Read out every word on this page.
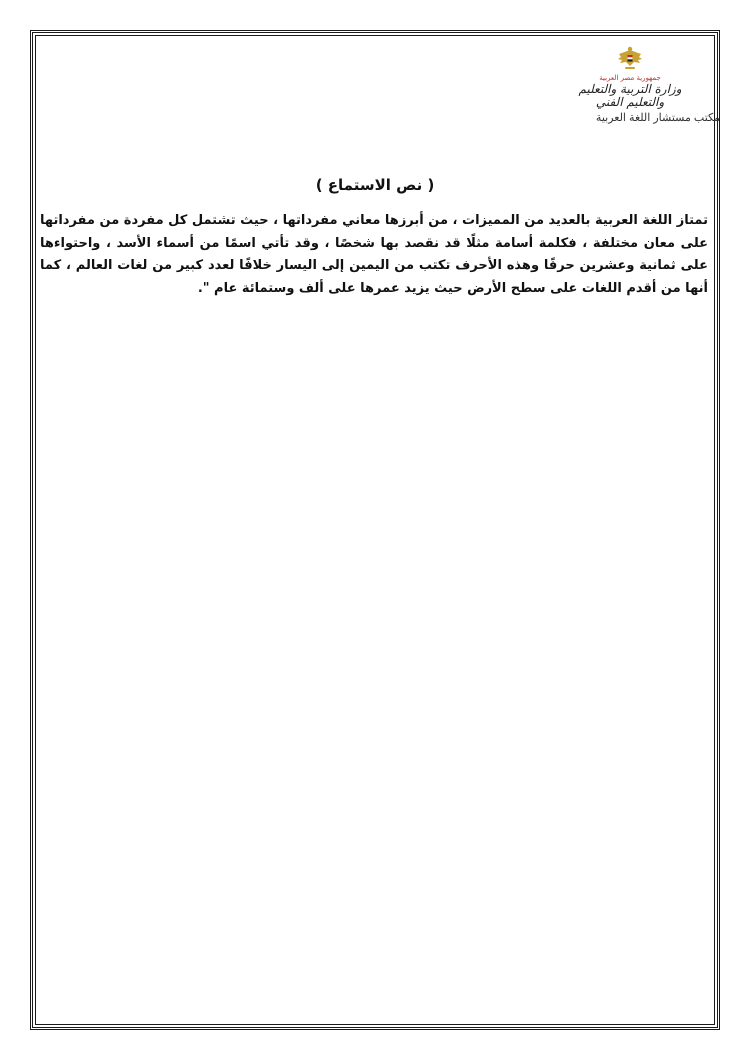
جمهورية مصر العربية
وزارة التربية والتعليم
والتعليم الفني
مكتب مستشار اللغة العربية
( نص الاستماع )
تمتاز اللغة العربية بالعديد من المميزات ، من أبرزها معاني مفرداتها ، حيث تشتمل كل مفردة من مفرداتها على معان مختلفة ، فكلمة أسامة مثلًا قد نقصد بها شخصًا ، وقد تأتي اسمًا من أسماء الأسد ، واحتواءها على ثمانية وعشرين حرفًا وهذه الأحرف تكتب من اليمين إلى اليسار خلافًا لعدد كبير من لغات العالم ، كما أنها من أقدم اللغات على سطح الأرض حيث يزيد عمرها على ألف وستمائة عام ".
